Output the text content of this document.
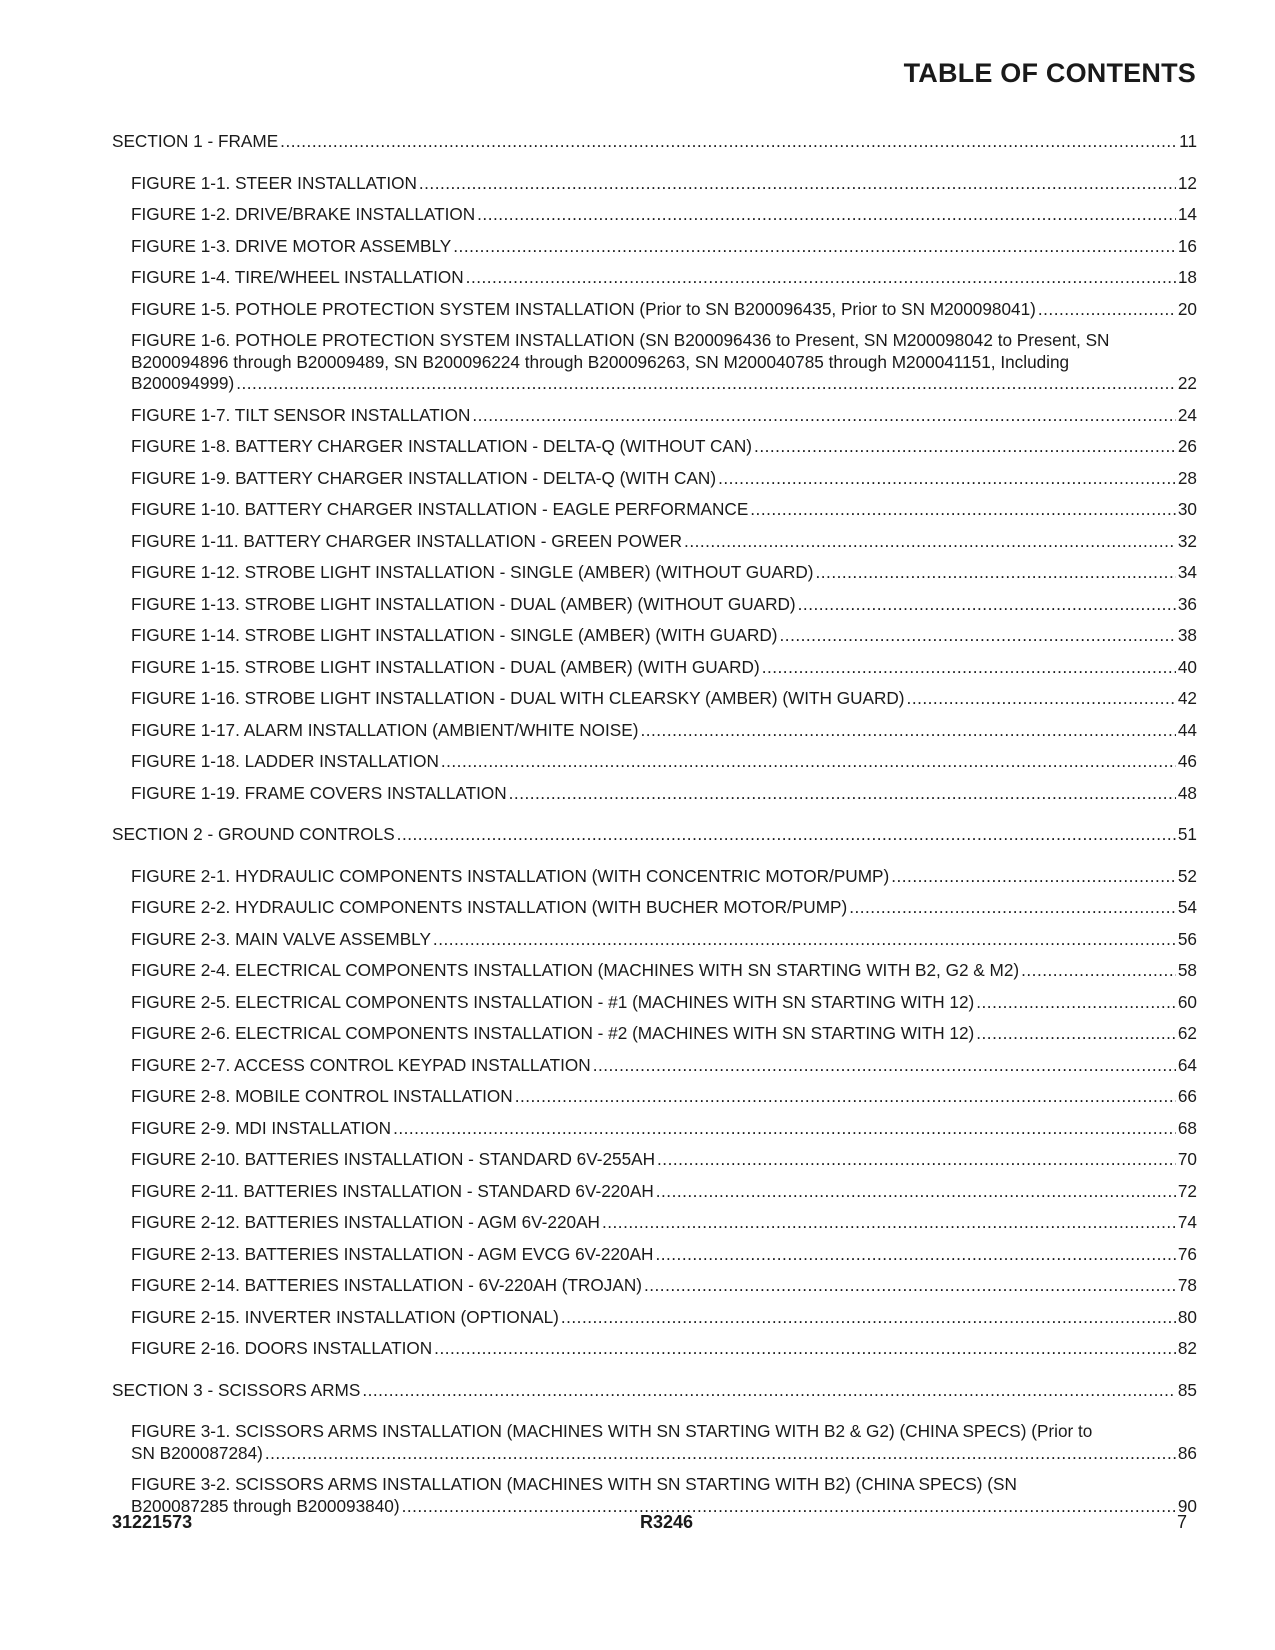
TABLE OF CONTENTS
SECTION 1 - FRAME .....	11
FIGURE 1-1. STEER INSTALLATION .....	12
FIGURE 1-2. DRIVE/BRAKE INSTALLATION .....	14
FIGURE 1-3. DRIVE MOTOR ASSEMBLY .....	16
FIGURE 1-4. TIRE/WHEEL INSTALLATION .....	18
FIGURE 1-5. POTHOLE PROTECTION SYSTEM INSTALLATION (Prior to SN B200096435, Prior to SN M200098041) .....	20
FIGURE 1-6. POTHOLE PROTECTION SYSTEM INSTALLATION (SN B200096436 to Present, SN M200098042 to Present, SN B200094896 through B20009489, SN B200096224 through B200096263, SN M200040785 through M200041151, Including
B200094999) .....	22
FIGURE 1-7. TILT SENSOR INSTALLATION .....	24
FIGURE 1-8. BATTERY CHARGER INSTALLATION - DELTA-Q (WITHOUT CAN) .....	26
FIGURE 1-9. BATTERY CHARGER INSTALLATION - DELTA-Q (WITH CAN) .....	28
FIGURE 1-10. BATTERY CHARGER INSTALLATION - EAGLE PERFORMANCE .....	30
FIGURE 1-11. BATTERY CHARGER INSTALLATION - GREEN POWER .....	32
FIGURE 1-12. STROBE LIGHT INSTALLATION - SINGLE (AMBER) (WITHOUT GUARD) .....	34
FIGURE 1-13. STROBE LIGHT INSTALLATION - DUAL (AMBER) (WITHOUT GUARD) .....	36
FIGURE 1-14. STROBE LIGHT INSTALLATION - SINGLE (AMBER) (WITH GUARD) .....	38
FIGURE 1-15. STROBE LIGHT INSTALLATION - DUAL (AMBER) (WITH GUARD) .....	40
FIGURE 1-16. STROBE LIGHT INSTALLATION - DUAL WITH CLEARSKY (AMBER) (WITH GUARD) .....	42
FIGURE 1-17. ALARM INSTALLATION (AMBIENT/WHITE NOISE) .....	44
FIGURE 1-18. LADDER INSTALLATION .....	46
FIGURE 1-19. FRAME COVERS INSTALLATION .....	48
SECTION 2 - GROUND CONTROLS .....	51
FIGURE 2-1. HYDRAULIC COMPONENTS INSTALLATION (WITH CONCENTRIC MOTOR/PUMP) .....	52
FIGURE 2-2. HYDRAULIC COMPONENTS INSTALLATION (WITH BUCHER MOTOR/PUMP) .....	54
FIGURE 2-3. MAIN VALVE ASSEMBLY .....	56
FIGURE 2-4. ELECTRICAL COMPONENTS INSTALLATION (MACHINES WITH SN STARTING WITH B2, G2 & M2) .....	58
FIGURE 2-5. ELECTRICAL COMPONENTS INSTALLATION - #1 (MACHINES WITH SN STARTING WITH 12) .....	60
FIGURE 2-6. ELECTRICAL COMPONENTS INSTALLATION - #2 (MACHINES WITH SN STARTING WITH 12) .....	62
FIGURE 2-7. ACCESS CONTROL KEYPAD INSTALLATION .....	64
FIGURE 2-8. MOBILE CONTROL INSTALLATION .....	66
FIGURE 2-9. MDI INSTALLATION .....	68
FIGURE 2-10. BATTERIES INSTALLATION - STANDARD 6V-255AH .....	70
FIGURE 2-11. BATTERIES INSTALLATION - STANDARD 6V-220AH .....	72
FIGURE 2-12. BATTERIES INSTALLATION - AGM 6V-220AH .....	74
FIGURE 2-13. BATTERIES INSTALLATION - AGM EVCG 6V-220AH .....	76
FIGURE 2-14. BATTERIES INSTALLATION - 6V-220AH (TROJAN) .....	78
FIGURE 2-15. INVERTER INSTALLATION (OPTIONAL) .....	80
FIGURE 2-16. DOORS INSTALLATION .....	82
SECTION 3 - SCISSORS ARMS .....	85
FIGURE 3-1. SCISSORS ARMS INSTALLATION (MACHINES WITH SN STARTING WITH B2 & G2) (CHINA SPECS) (Prior to
SN B200087284) .....	86
FIGURE 3-2. SCISSORS ARMS INSTALLATION (MACHINES WITH SN STARTING WITH B2) (CHINA SPECS) (SN
B200087285 through B200093840) .....	90
31221573	R3246	7
